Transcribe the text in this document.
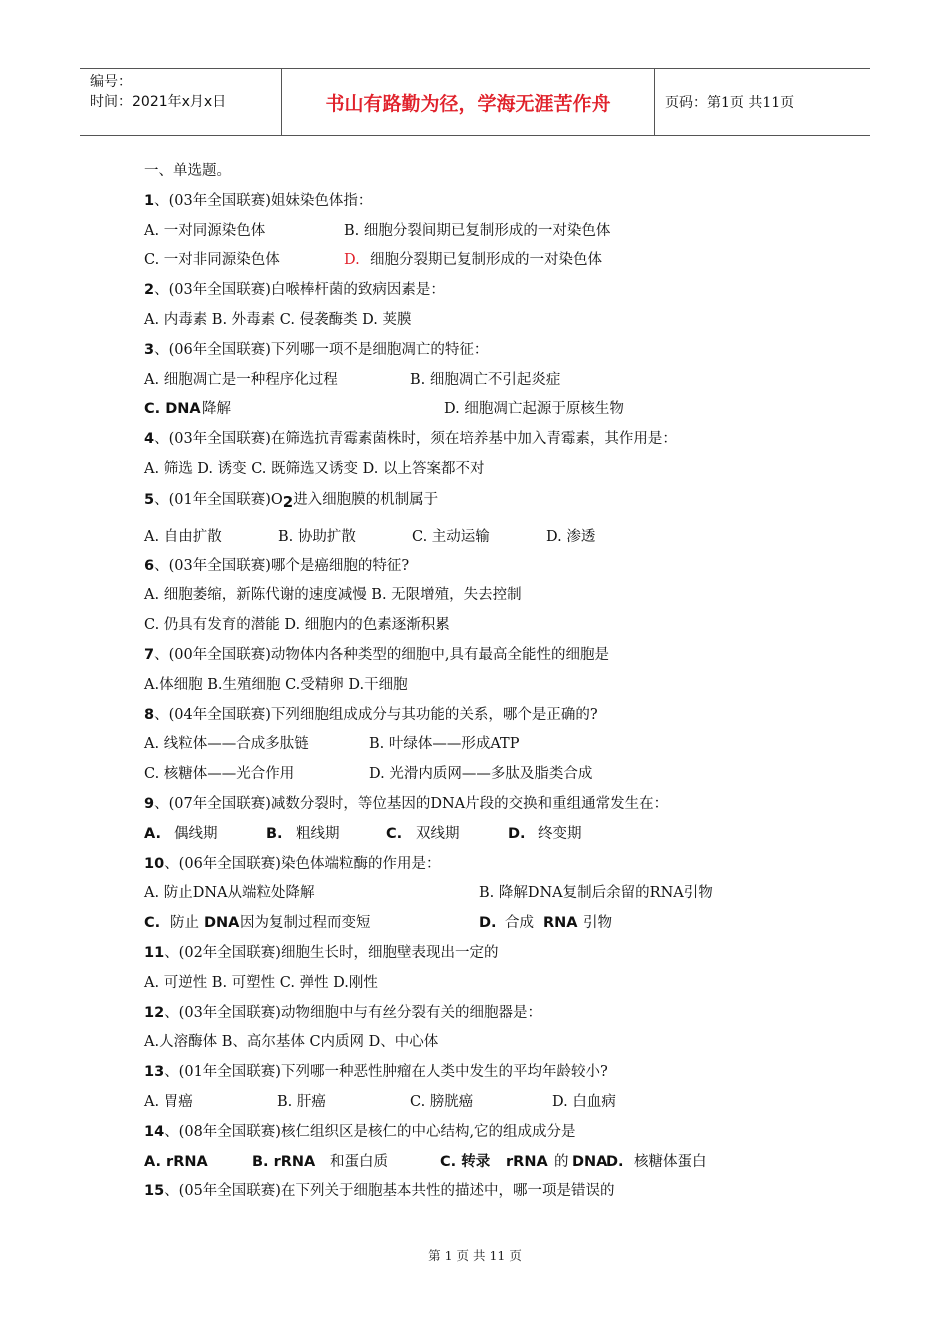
编号：
时间：2021年x月x日	书山有路勤为径，学海无涯苦作舟	页码：第1页 共11页
一、单选题。
1、(03年全国联赛)姐妹染色体指：
A. 一对同源染色体	B. 细胞分裂间期已复制形成的一对染色体
C. 一对非同源染色体	D. 细胞分裂期已复制形成的一对染色体
2、(03年全国联赛)白喉棒杆菌的致病因素是：
A. 内毒素 B. 外毒素 C. 侵袭酶类 D. 荚膜
3、(06年全国联赛)下列哪一项不是细胞凋亡的特征：
A. 细胞凋亡是一种程序化过程	B. 细胞凋亡不引起炎症
C. DNA降解	D. 细胞凋亡起源于原核生物
4、(03年全国联赛)在筛选抗青霉素菌株时，须在培养基中加入青霉素，其作用是：
A. 筛选 D. 诱变 C. 既筛选又诱变 D. 以上答案都不对
5、(01年全国联赛)O2进入细胞膜的机制属于
A. 自由扩散	B. 协助扩散	C. 主动运输	D. 渗透
6、(03年全国联赛)哪个是癌细胞的特征?
A. 细胞萎缩，新陈代谢的速度减慢 B. 无限增殖，失去控制
C. 仍具有发育的潜能 D. 细胞内的色素逐渐积累
7、(00年全国联赛)动物体内各种类型的细胞中,具有最高全能性的细胞是
A.体细胞 B.生殖细胞 C.受精卵 D.干细胞
8、(04年全国联赛)下列细胞组成成分与其功能的关系，哪个是正确的?
A. 线粒体——合成多肽链	B. 叶绿体——形成ATP
C. 核糖体——光合作用	D. 光滑内质网——多肽及脂类合成
9、(07年全国联赛)减数分裂时，等位基因的DNA片段的交换和重组通常发生在：
A. 偶线期	B. 粗线期	C. 双线期	D. 终变期
10、(06年全国联赛)染色体端粒酶的作用是：
A. 防止DNA从端粒处降解	B. 降解DNA复制后余留的RNA引物
C. 防止 DNA因为复制过程而变短	D. 合成 RNA 引物
11、(02年全国联赛)细胞生长时，细胞壁表现出一定的
A. 可逆性 B. 可塑性 C. 弹性 D.刚性
12、(03年全国联赛)动物细胞中与有丝分裂有关的细胞器是：
A.人溶酶体 B、高尔基体 C内质网 D、中心体
13、(01年全国联赛)下列哪一种恶性肿瘤在人类中发生的平均年龄较小?
A. 胃癌	B. 肝癌	C. 膀胱癌	D. 白血病
14、(08年全国联赛)核仁组织区是核仁的中心结构,它的组成成分是
A. rRNA	B. rRNA 和蛋白质	C. 转录 rRNA 的 DNAD. 核糖体蛋白
15、(05年全国联赛)在下列关于细胞基本共性的描述中，哪一项是错误的
第 1 页 共 11 页
